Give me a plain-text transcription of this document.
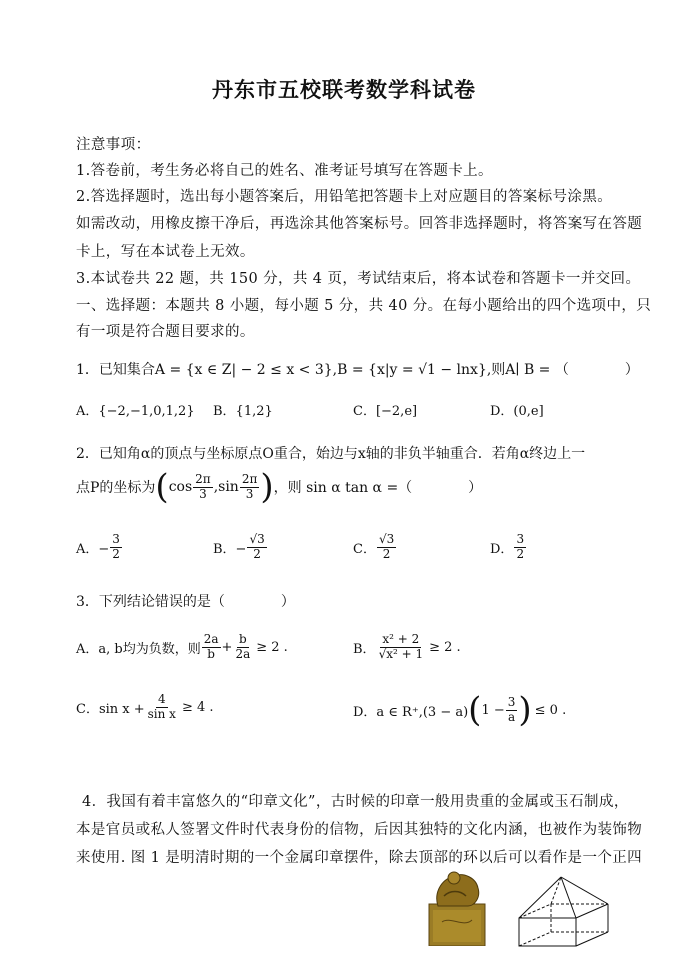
丹东市五校联考数学科试卷
注意事项：
1.答卷前，考生务必将自己的姓名、准考证号填写在答题卡上。
2.答选择题时，选出每小题答案后，用铅笔把答题卡上对应题目的答案标号涂黑。
如需改动，用橡皮擦干净后，再选涂其他答案标号。回答非选择题时，将答案写在答题
卡上，写在本试卷上无效。
3.本试卷共 22 题，共 150 分，共 4 页，考试结束后，将本试卷和答题卡一并交回。
一、选择题：本题共 8 小题，每小题 5 分，共 40 分。在每小题给出的四个选项中，只
有一项是符合题目要求的。
1．已知集合A = {x ∈ Z| − 2 ≤ x < 3},B = {x|y = √1 − lnx},则A∣ B = （　　　　）
A．{−2,−1,0,1,2} B．{1,2}	C．[−2,e]	D．(0,e]
2．已知角α的顶点与坐标原点O重合，始边与x轴的非负半轴重合．若角α终边上一
点P的坐标为 ( $\cos \frac{2\pi}{3} ,\sin \frac{2\pi}{3}$ ) ，则 sin α tan α =（　　　　）
A．− $\frac{3}{2}$	B．− $\frac{√3}{2}$	C． $\frac{√3}{2}$	D． $\frac{3}{2}$
3．下列结论错误的是（　　　　）
A．a, b均为负数，则 $\frac{2a}{b} + \frac{b}{2a} \ge 2$ .	B． $\frac{\text{x² + 2}}{\text{√x² + 1}} \ge 2$ .
C．$\sin x + \frac{4}{\text{sin x}} \ge 4$ .	D．a ∈ R⁺,(3 − a) ( $1 - \frac{3}{a}$ ) ≤ 0 .
4．我国有着丰富悠久的“印章文化”，古时候的印章一般用贵重的金属或玉石制成，
本是官员或私人签署文件时代表身份的信物，后因其独特的文化内涵，也被作为装饰物
来使用. 图 1 是明清时期的一个金属印章摆件，除去顶部的环以后可以看作是一个正四
